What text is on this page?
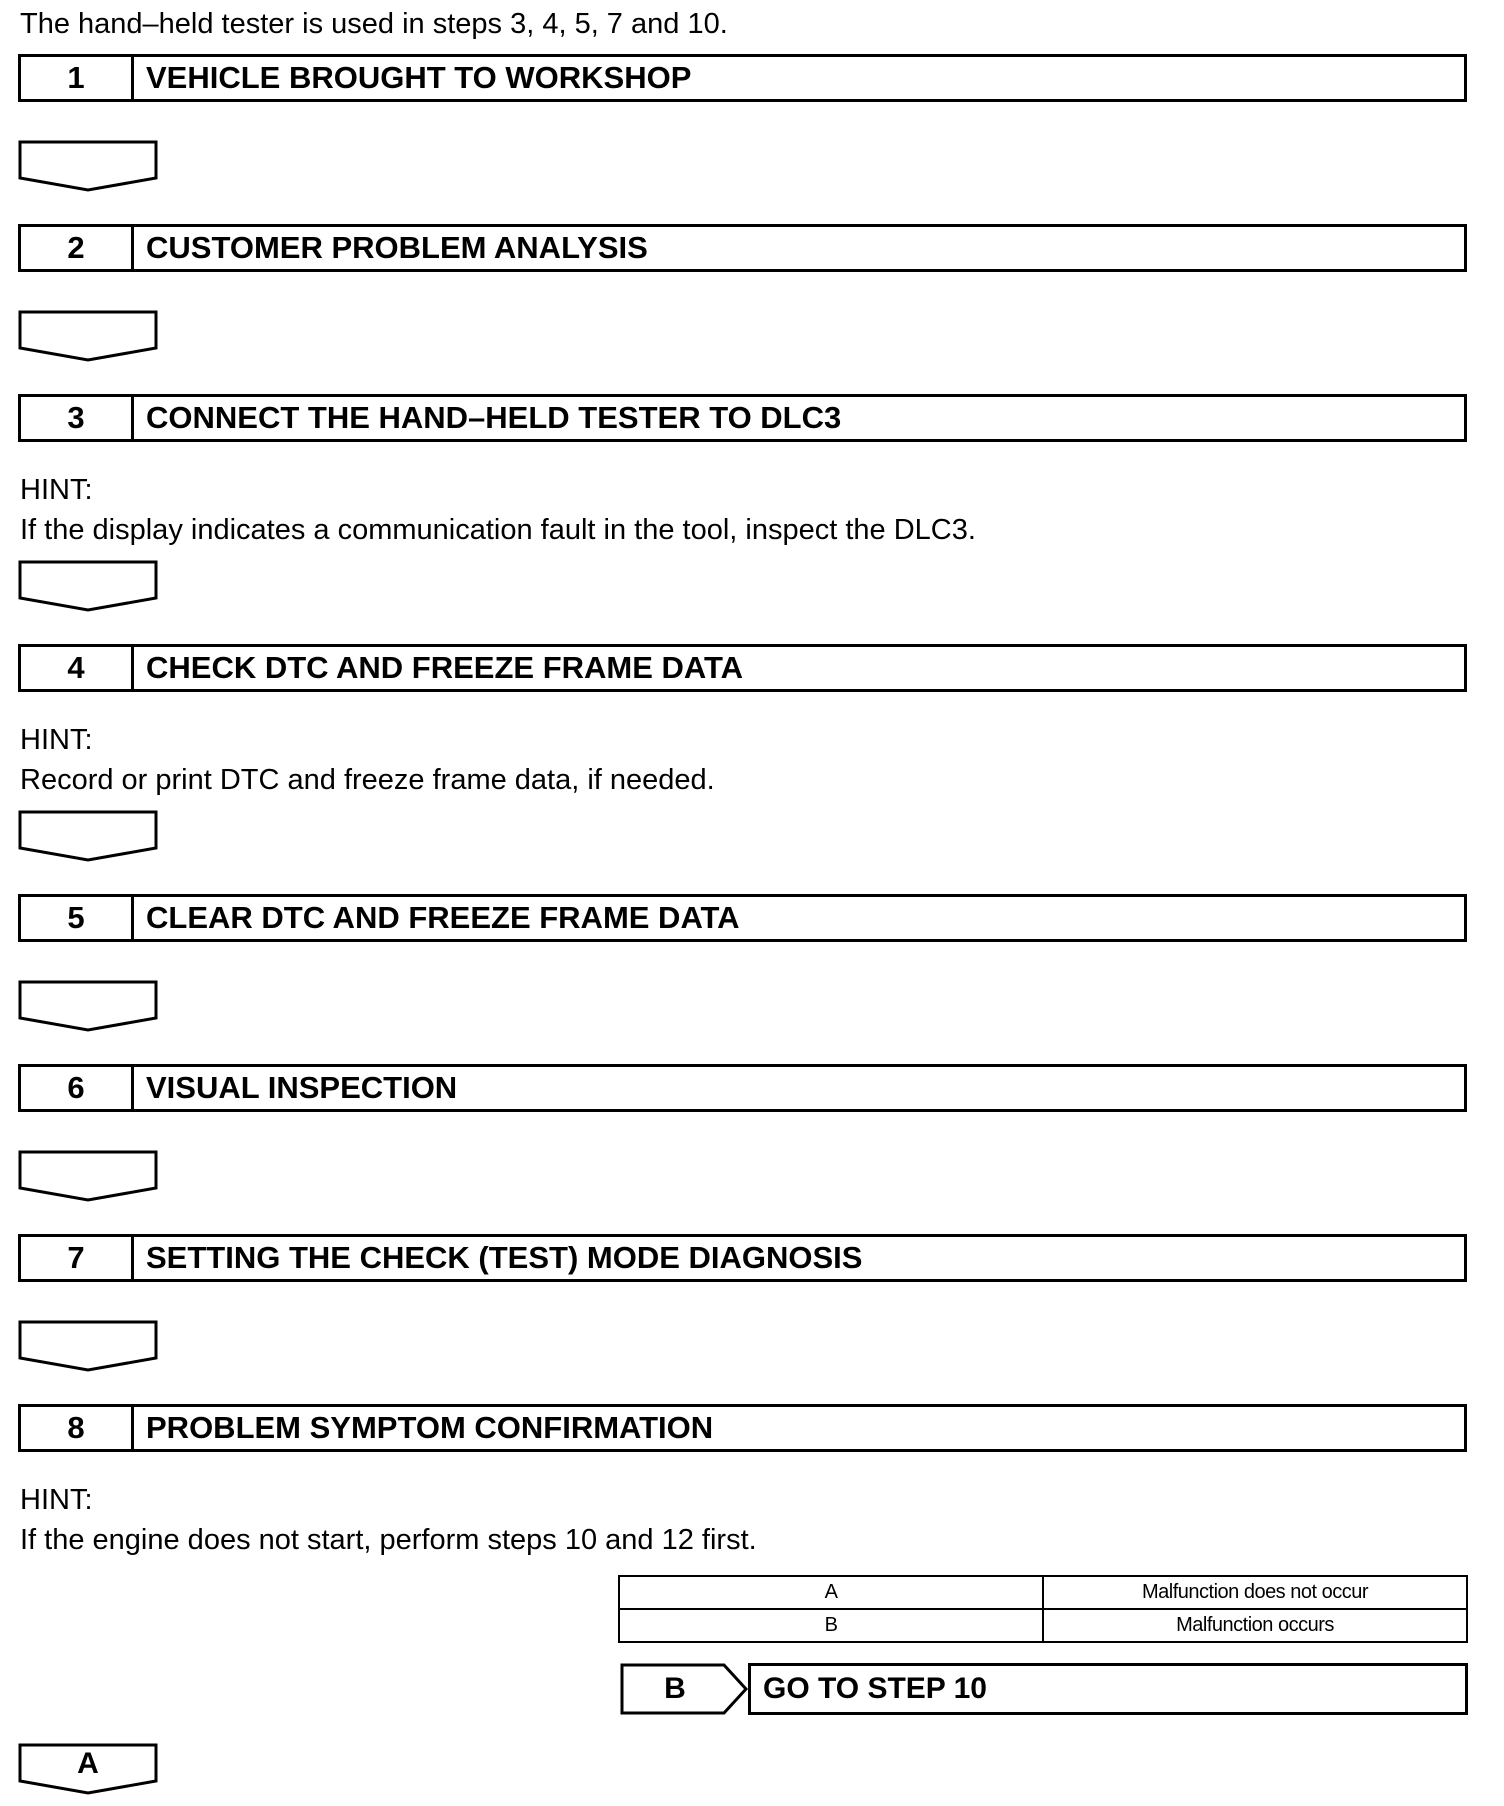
The hand–held tester is used in steps 3, 4, 5, 7 and 10.
1	VEHICLE BROUGHT TO WORKSHOP
2	CUSTOMER PROBLEM ANALYSIS
3	CONNECT THE HAND–HELD TESTER TO DLC3
HINT:
If the display indicates a communication fault in the tool, inspect the DLC3.
4	CHECK DTC AND FREEZE FRAME DATA
HINT:
Record or print DTC and freeze frame data, if needed.
5	CLEAR DTC AND FREEZE FRAME DATA
6	VISUAL INSPECTION
7	SETTING THE CHECK (TEST) MODE DIAGNOSIS
8	PROBLEM SYMPTOM CONFIRMATION
HINT:
If the engine does not start, perform steps 10 and 12 first.
A	Malfunction does not occur
B	Malfunction occurs
B	GO TO STEP 10
A
